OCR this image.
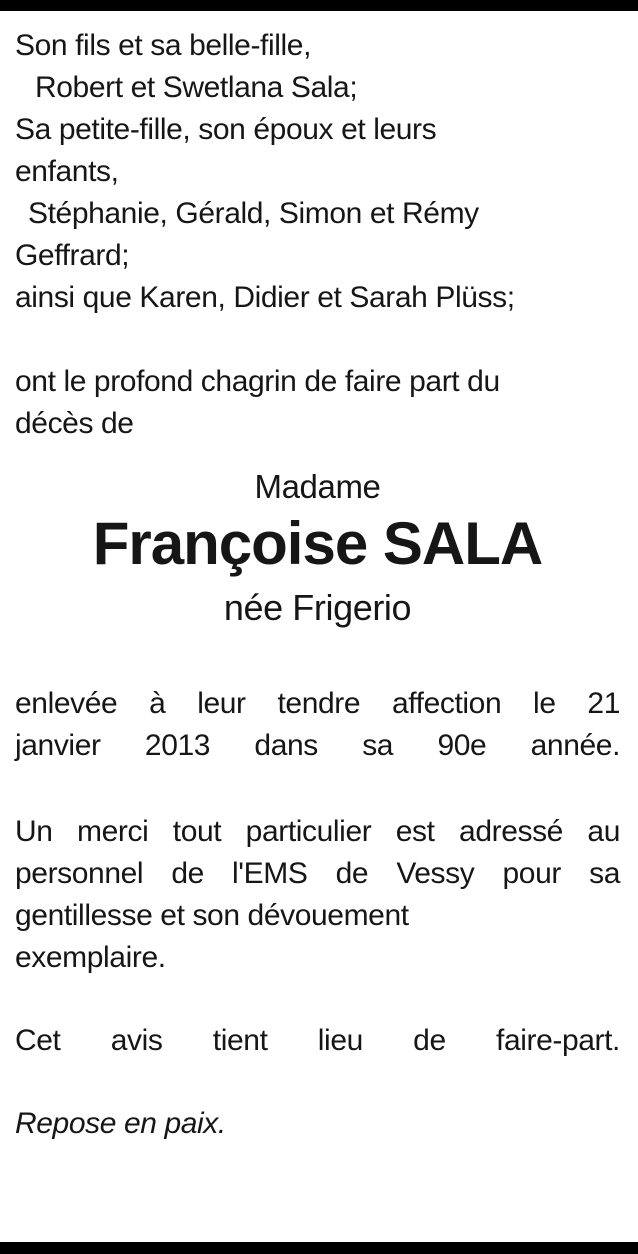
Son fils et sa belle-fille,
Robert et Swetlana Sala;
Sa petite-fille, son époux et leurs
enfants,
Stéphanie, Gérald, Simon et Rémy
Geffrard;
ainsi que Karen, Didier et Sarah Plüss;
ont le profond chagrin de faire part du
décès de
Madame
Françoise SALA
née Frigerio
enlevée à leur tendre affection le 21
janvier 2013 dans sa 90e année.
Un merci tout particulier est adressé au
personnel de l'EMS de Vessy pour sa
gentillesse et son dévouement
exemplaire.
Cet avis tient lieu de faire-part.
Repose en paix.
